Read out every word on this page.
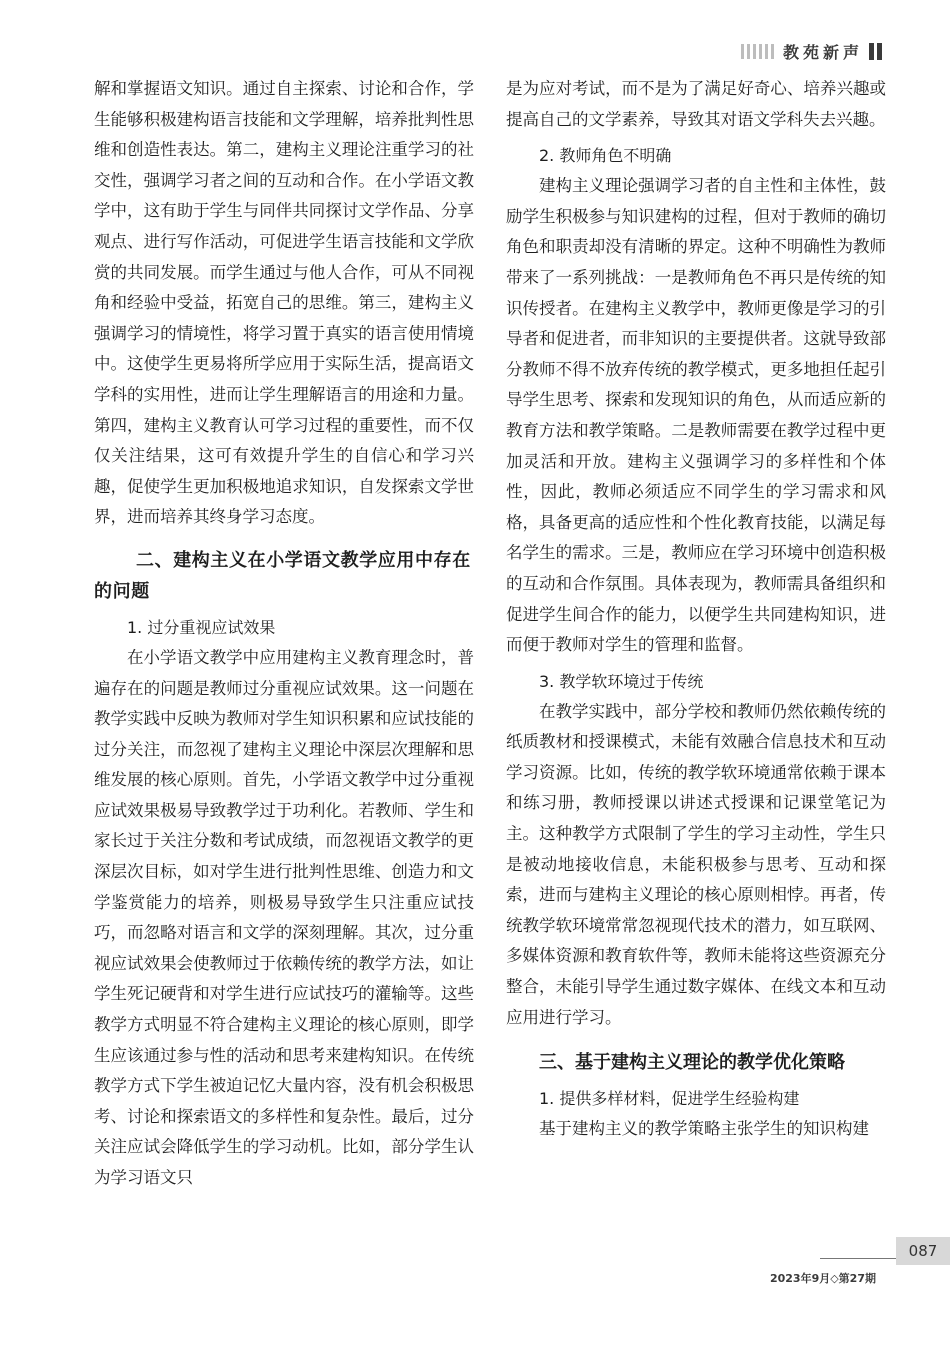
教苑新声

解和掌握语文知识。通过自主探索、讨论和合作，学生能够积极建构语言技能和文学理解，培养批判性思维和创造性表达。第二，建构主义理论注重学习的社交性，强调学习者之间的互动和合作。在小学语文教学中，这有助于学生与同伴共同探讨文学作品、分享观点、进行写作活动，可促进学生语言技能和文学欣赏的共同发展。而学生通过与他人合作，可从不同视角和经验中受益，拓宽自己的思维。第三，建构主义强调学习的情境性，将学习置于真实的语言使用情境中。这使学生更易将所学应用于实际生活，提高语文学科的实用性，进而让学生理解语言的用途和力量。第四，建构主义教育认可学习过程的重要性，而不仅仅关注结果，这可有效提升学生的自信心和学习兴趣，促使学生更加积极地追求知识，自发探索文学世界，进而培养其终身学习态度。

二、建构主义在小学语文教学应用中存在的问题
1. 过分重视应试效果

在小学语文教学中应用建构主义教育理念时，普遍存在的问题是教师过分重视应试效果。这一问题在教学实践中反映为教师对学生知识积累和应试技能的过分关注，而忽视了建构主义理论中深层次理解和思维发展的核心原则。首先，小学语文教学中过分重视应试效果极易导致教学过于功利化。若教师、学生和家长过于关注分数和考试成绩，而忽视语文教学的更深层次目标，如对学生进行批判性思维、创造力和文学鉴赏能力的培养，则极易导致学生只注重应试技巧，而忽略对语言和文学的深刻理解。其次，过分重视应试效果会使教师过于依赖传统的教学方法，如让学生死记硬背和对学生进行应试技巧的灌输等。这些教学方式明显不符合建构主义理论的核心原则，即学生应该通过参与性的活动和思考来建构知识。在传统教学方式下学生被迫记忆大量内容，没有机会积极思考、讨论和探索语文的多样性和复杂性。最后，过分关注应试会降低学生的学习动机。比如，部分学生认为学习语文只

是为应对考试，而不是为了满足好奇心、培养兴趣或提高自己的文学素养，导致其对语文学科失去兴趣。

2. 教师角色不明确

建构主义理论强调学习者的自主性和主体性，鼓励学生积极参与知识建构的过程，但对于教师的确切角色和职责却没有清晰的界定。这种不明确性为教师带来了一系列挑战：一是教师角色不再只是传统的知识传授者。在建构主义教学中，教师更像是学习的引导者和促进者，而非知识的主要提供者。这就导致部分教师不得不放弃传统的教学模式，更多地担任起引导学生思考、探索和发现知识的角色，从而适应新的教育方法和教学策略。二是教师需要在教学过程中更加灵活和开放。建构主义强调学习的多样性和个体性，因此，教师必须适应不同学生的学习需求和风格，具备更高的适应性和个性化教育技能，以满足每名学生的需求。三是，教师应在学习环境中创造积极的互动和合作氛围。具体表现为，教师需具备组织和促进学生间合作的能力，以便学生共同建构知识，进而便于教师对学生的管理和监督。

3. 教学软环境过于传统

在教学实践中，部分学校和教师仍然依赖传统的纸质教材和授课模式，未能有效融合信息技术和互动学习资源。比如，传统的教学软环境通常依赖于课本和练习册，教师授课以讲述式授课和记课堂笔记为主。这种教学方式限制了学生的学习主动性，学生只是被动地接收信息，未能积极参与思考、互动和探索，进而与建构主义理论的核心原则相悖。再者，传统教学软环境常常忽视现代技术的潜力，如互联网、多媒体资源和教育软件等，教师未能将这些资源充分整合，未能引导学生通过数字媒体、在线文本和互动应用进行学习。

三、基于建构主义理论的教学优化策略
1. 提供多样材料，促进学生经验构建

基于建构主义的教学策略主张学生的知识构建

087
2023年9月◇第27期
